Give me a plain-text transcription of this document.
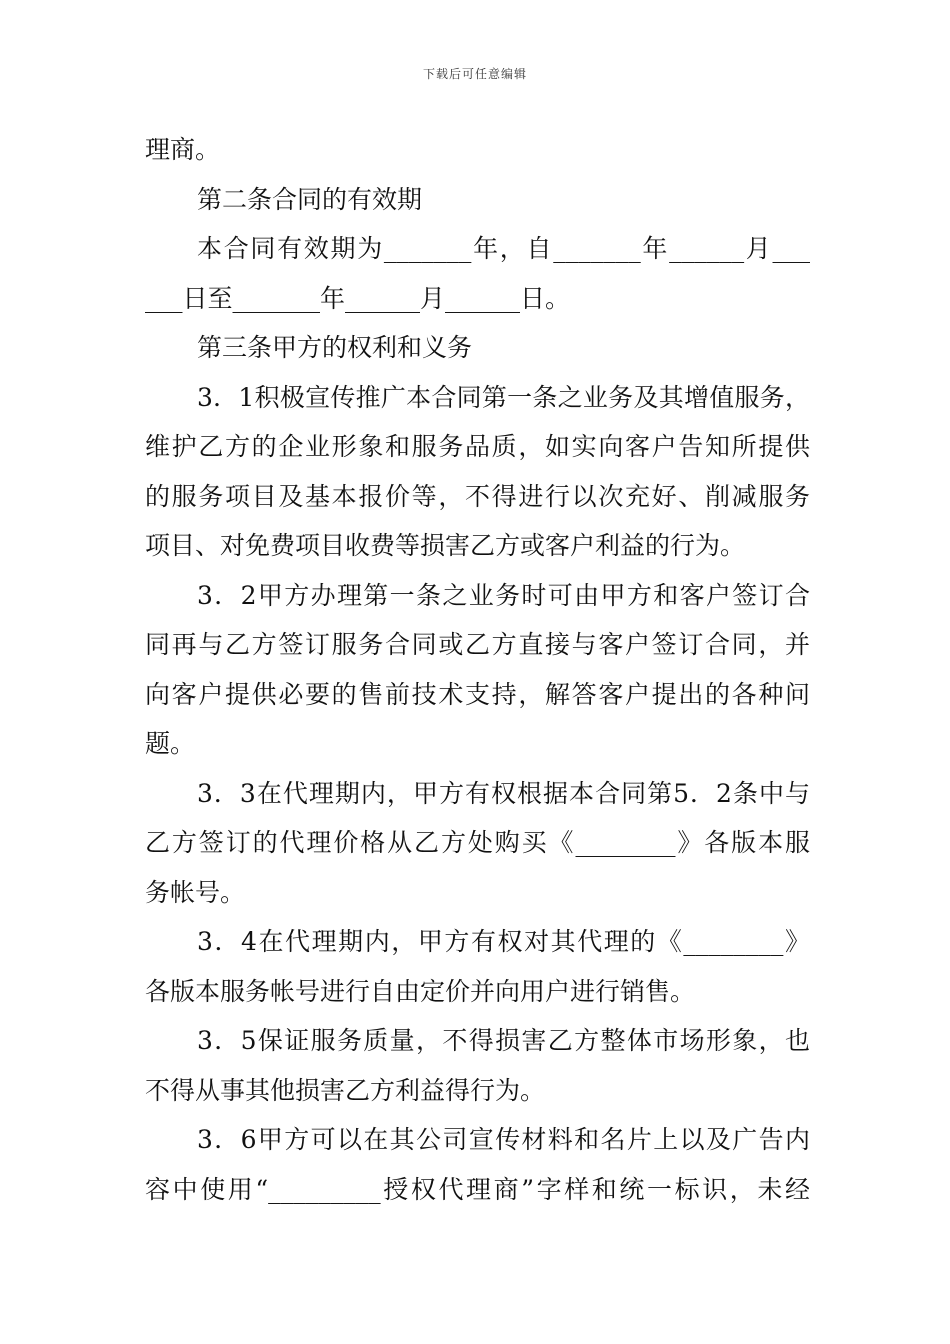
下载后可任意编辑
理商。
第二条合同的有效期
本合同有效期为_______年，自_______年______月___
___日至_______年______月______日。
第三条甲方的权利和义务
3．1积极宣传推广本合同第一条之业务及其增值服务，
维护乙方的企业形象和服务品质，如实向客户告知所提供
的服务项目及基本报价等，不得进行以次充好、削减服务
项目、对免费项目收费等损害乙方或客户利益的行为。
3．2甲方办理第一条之业务时可由甲方和客户签订合
同再与乙方签订服务合同或乙方直接与客户签订合同，并
向客户提供必要的售前技术支持，解答客户提出的各种问
题。
3．3在代理期内，甲方有权根据本合同第5．2条中与
乙方签订的代理价格从乙方处购买《________》各版本服
务帐号。
3．4在代理期内，甲方有权对其代理的《________》
各版本服务帐号进行自由定价并向用户进行销售。
3．5保证服务质量，不得损害乙方整体市场形象，也
不得从事其他损害乙方利益得行为。
3．6甲方可以在其公司宣传材料和名片上以及广告内
容中使用“_________授权代理商”字样和统一标识，未经
